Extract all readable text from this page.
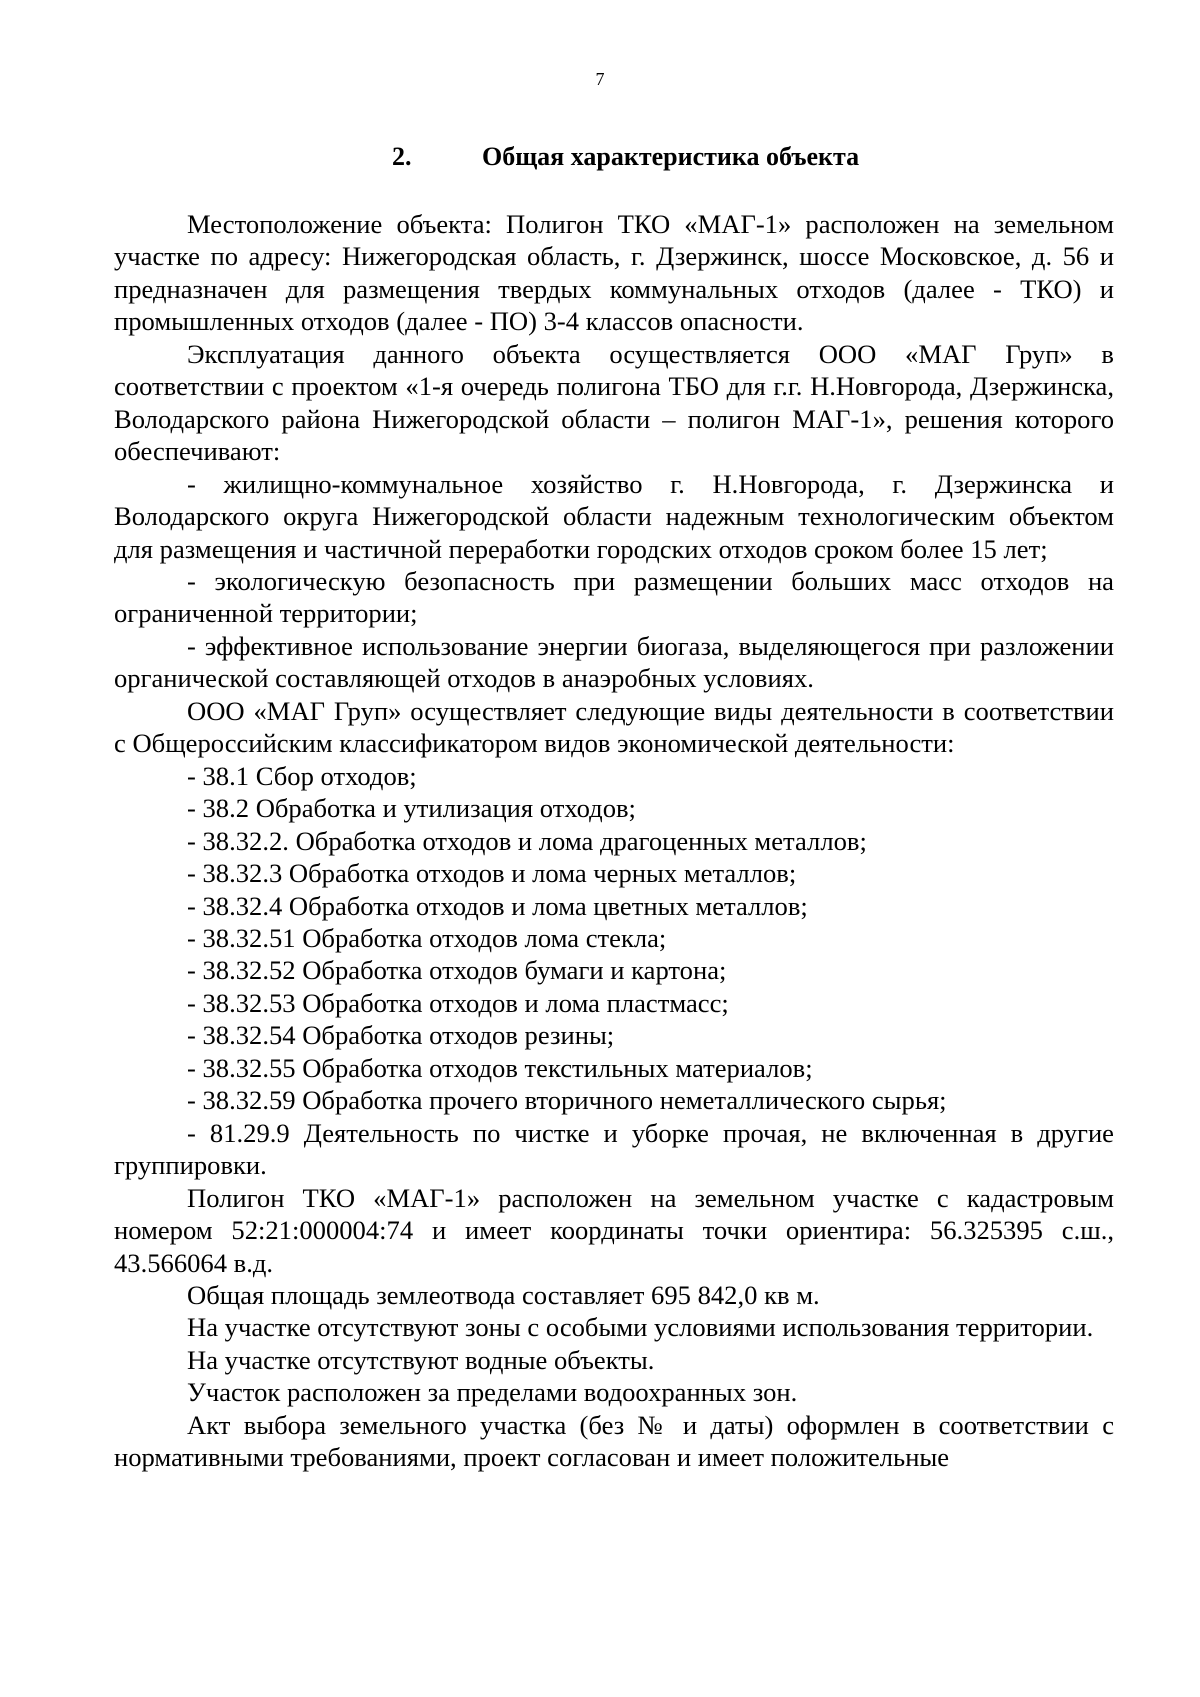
7
2.	Общая характеристика объекта

Местоположение объекта: Полигон ТКО «МАГ-1» расположен на земельном участке по адресу: Нижегородская область, г. Дзержинск, шоссе Московское, д. 56 и предназначен для размещения твердых коммунальных отходов (далее - ТКО) и промышленных отходов (далее - ПО) 3-4 классов опасности.

Эксплуатация данного объекта осуществляется ООО «МАГ Груп» в соответствии с проектом «1-я очередь полигона ТБО для г.г. Н.Новгорода, Дзержинска, Володарского района Нижегородской области – полигон МАГ-1», решения которого обеспечивают:

- жилищно-коммунальное хозяйство г. Н.Новгорода, г. Дзержинска и Володарского округа Нижегородской области надежным технологическим объектом для размещения и частичной переработки городских отходов сроком более 15 лет;

- экологическую безопасность при размещении больших масс отходов на ограниченной территории;

- эффективное использование энергии биогаза, выделяющегося при разложении органической составляющей отходов в анаэробных условиях.

ООО «МАГ Груп» осуществляет следующие виды деятельности в соответствии с Общероссийским классификатором видов экономической деятельности:

- 38.1 Сбор отходов;

- 38.2 Обработка и утилизация отходов;

- 38.32.2. Обработка отходов и лома драгоценных металлов;

- 38.32.3 Обработка отходов и лома черных металлов;

- 38.32.4 Обработка отходов и лома цветных металлов;

- 38.32.51 Обработка отходов лома стекла;

- 38.32.52 Обработка отходов бумаги и картона;

- 38.32.53 Обработка отходов и лома пластмасс;

- 38.32.54 Обработка отходов резины;

- 38.32.55 Обработка отходов текстильных материалов;

- 38.32.59 Обработка прочего вторичного неметаллического сырья;

- 81.29.9 Деятельность по чистке и уборке прочая, не включенная в другие группировки.

Полигон ТКО «МАГ-1» расположен на земельном участке с кадастровым номером 52:21:000004:74 и имеет координаты точки ориентира: 56.325395 с.ш., 43.566064 в.д.

Общая площадь землеотвода составляет 695 842,0 кв м.

На участке отсутствуют зоны с особыми условиями использования территории.

На участке отсутствуют водные объекты.

Участок расположен за пределами водоохранных зон.

Акт выбора земельного участка (без № и даты) оформлен в соответствии с нормативными требованиями, проект согласован и имеет положительные
